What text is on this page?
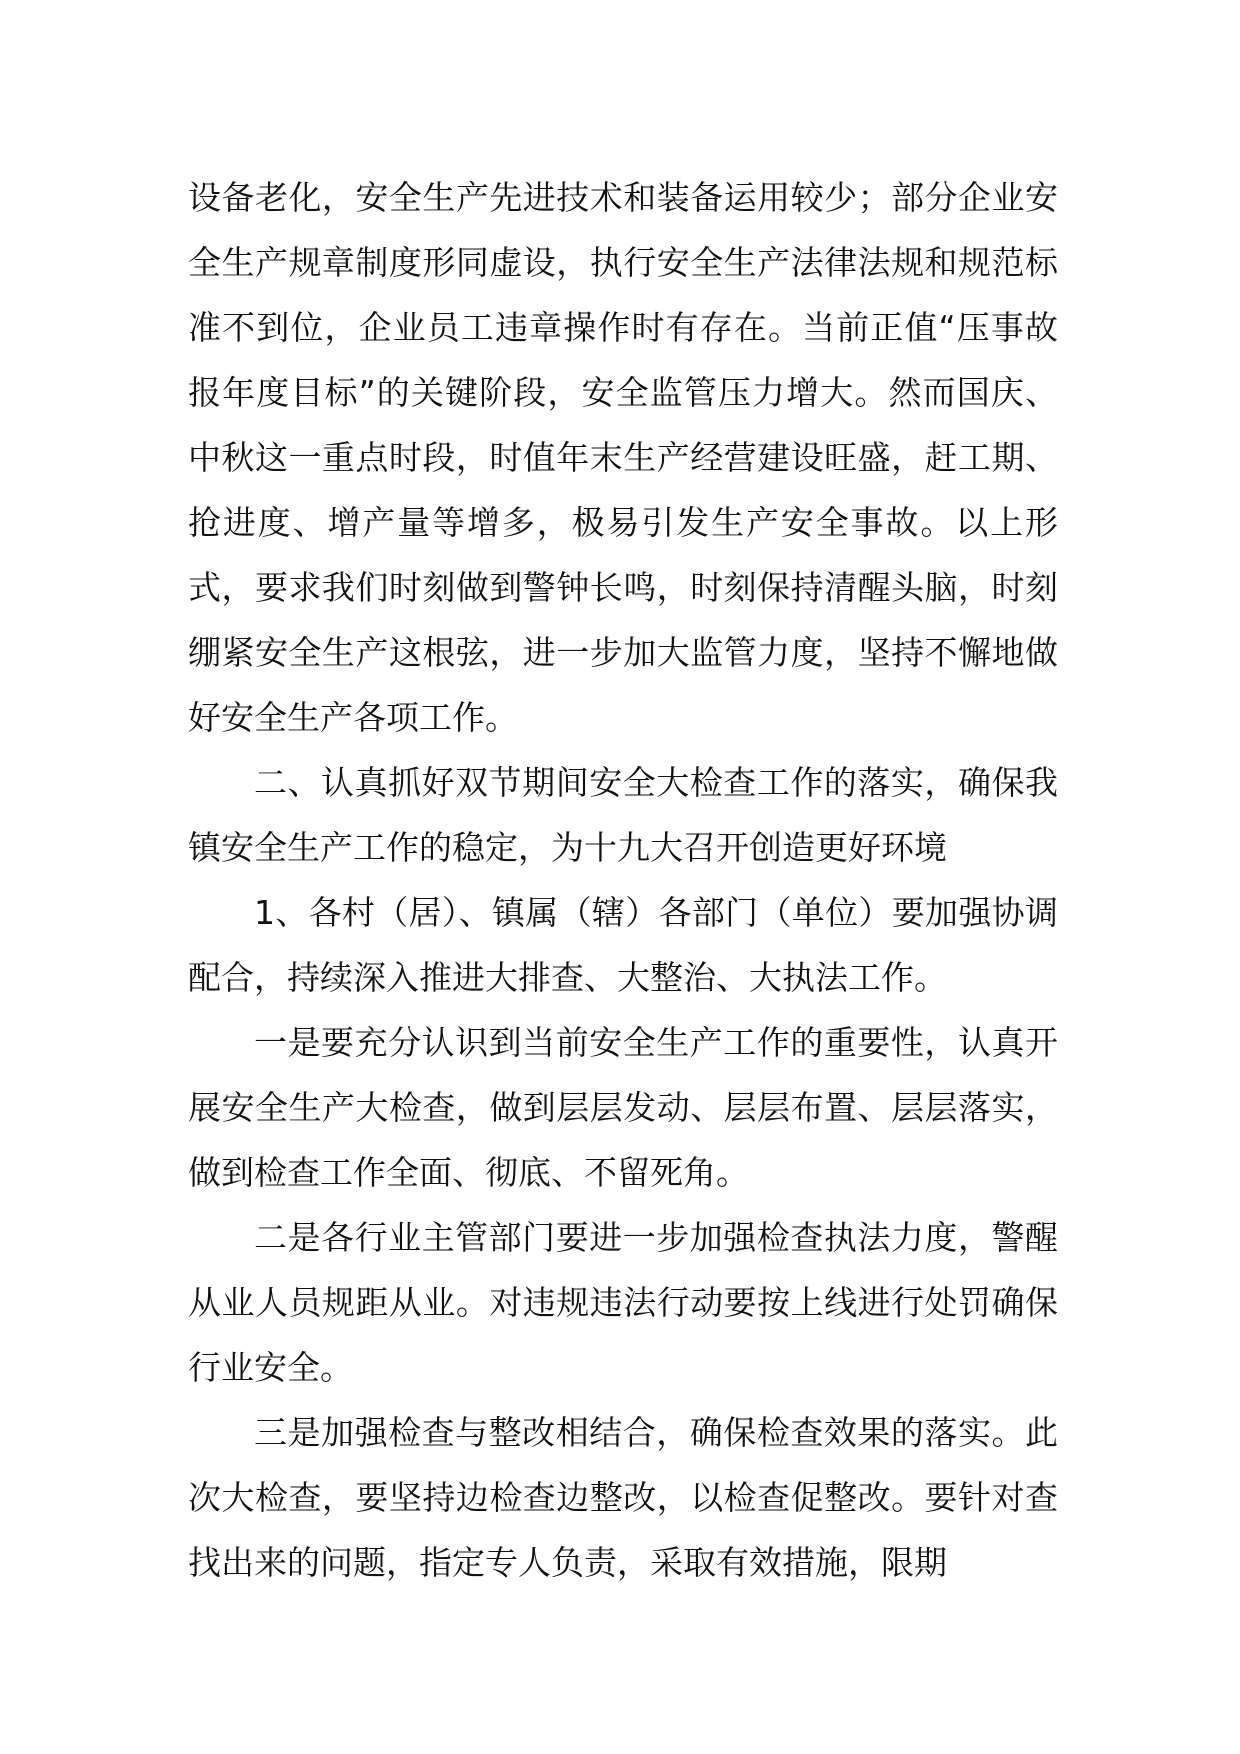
设备老化，安全生产先进技术和装备运用较少；部分企业安全生产规章制度形同虚设，执行安全生产法律法规和规范标准不到位，企业员工违章操作时有存在。当前正值“压事故报年度目标”的关键阶段，安全监管压力增大。然而国庆、中秋这一重点时段，时值年末生产经营建设旺盛，赶工期、抢进度、增产量等增多，极易引发生产安全事故。以上形式，要求我们时刻做到警钟长鸣，时刻保持清醒头脑，时刻绷紧安全生产这根弦，进一步加大监管力度，坚持不懈地做好安全生产各项工作。

二、认真抓好双节期间安全大检查工作的落实，确保我镇安全生产工作的稳定，为十九大召开创造更好环境

1、各村（居）、镇属（辖）各部门（单位）要加强协调配合，持续深入推进大排查、大整治、大执法工作。

一是要充分认识到当前安全生产工作的重要性，认真开展安全生产大检查，做到层层发动、层层布置、层层落实，做到检查工作全面、彻底、不留死角。

二是各行业主管部门要进一步加强检查执法力度，警醒从业人员规距从业。对违规违法行动要按上线进行处罚确保行业安全。

三是加强检查与整改相结合，确保检查效果的落实。此次大检查，要坚持边检查边整改，以检查促整改。要针对查找出来的问题，指定专人负责，采取有效措施，限期
